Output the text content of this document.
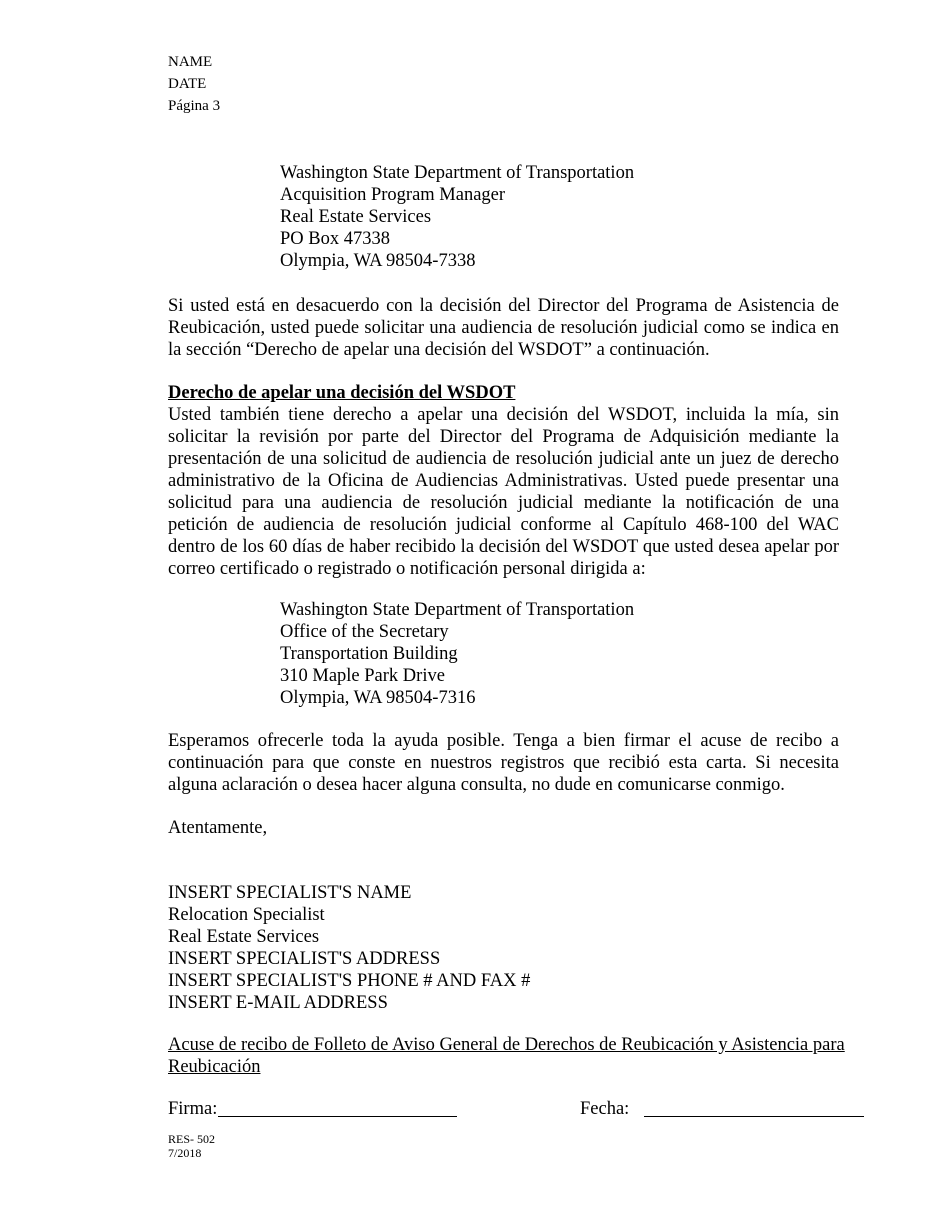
NAME
DATE
Página 3
Washington State Department of Transportation
Acquisition Program Manager
Real Estate Services
PO Box 47338
Olympia, WA 98504-7338
Si usted está en desacuerdo con la decisión del Director del Programa de Asistencia de Reubicación, usted puede solicitar una audiencia de resolución judicial como se indica en la sección “Derecho de apelar una decisión del WSDOT” a continuación.
Derecho de apelar una decisión del WSDOT
Usted también tiene derecho a apelar una decisión del WSDOT, incluida la mía, sin solicitar la revisión por parte del Director del Programa de Adquisición mediante la presentación de una solicitud de audiencia de resolución judicial ante un juez de derecho administrativo de la Oficina de Audiencias Administrativas. Usted puede presentar una solicitud para una audiencia de resolución judicial mediante la notificación de una petición de audiencia de resolución judicial conforme al Capítulo 468-100 del WAC dentro de los 60 días de haber recibido la decisión del WSDOT que usted desea apelar por correo certificado o registrado o notificación personal dirigida a:
Washington State Department of Transportation
Office of the Secretary
Transportation Building
310 Maple Park Drive
Olympia, WA 98504-7316
Esperamos ofrecerle toda la ayuda posible. Tenga a bien firmar el acuse de recibo a continuación para que conste en nuestros registros que recibió esta carta. Si necesita alguna aclaración o desea hacer alguna consulta, no dude en comunicarse conmigo.
Atentamente,
INSERT SPECIALIST'S NAME
Relocation Specialist
Real Estate Services
INSERT SPECIALIST'S ADDRESS
INSERT SPECIALIST'S PHONE # AND FAX #
INSERT E-MAIL ADDRESS
Acuse de recibo de Folleto de Aviso General de Derechos de Reubicación y Asistencia para Reubicación
Firma:	Fecha:
RES- 502
7/2018
